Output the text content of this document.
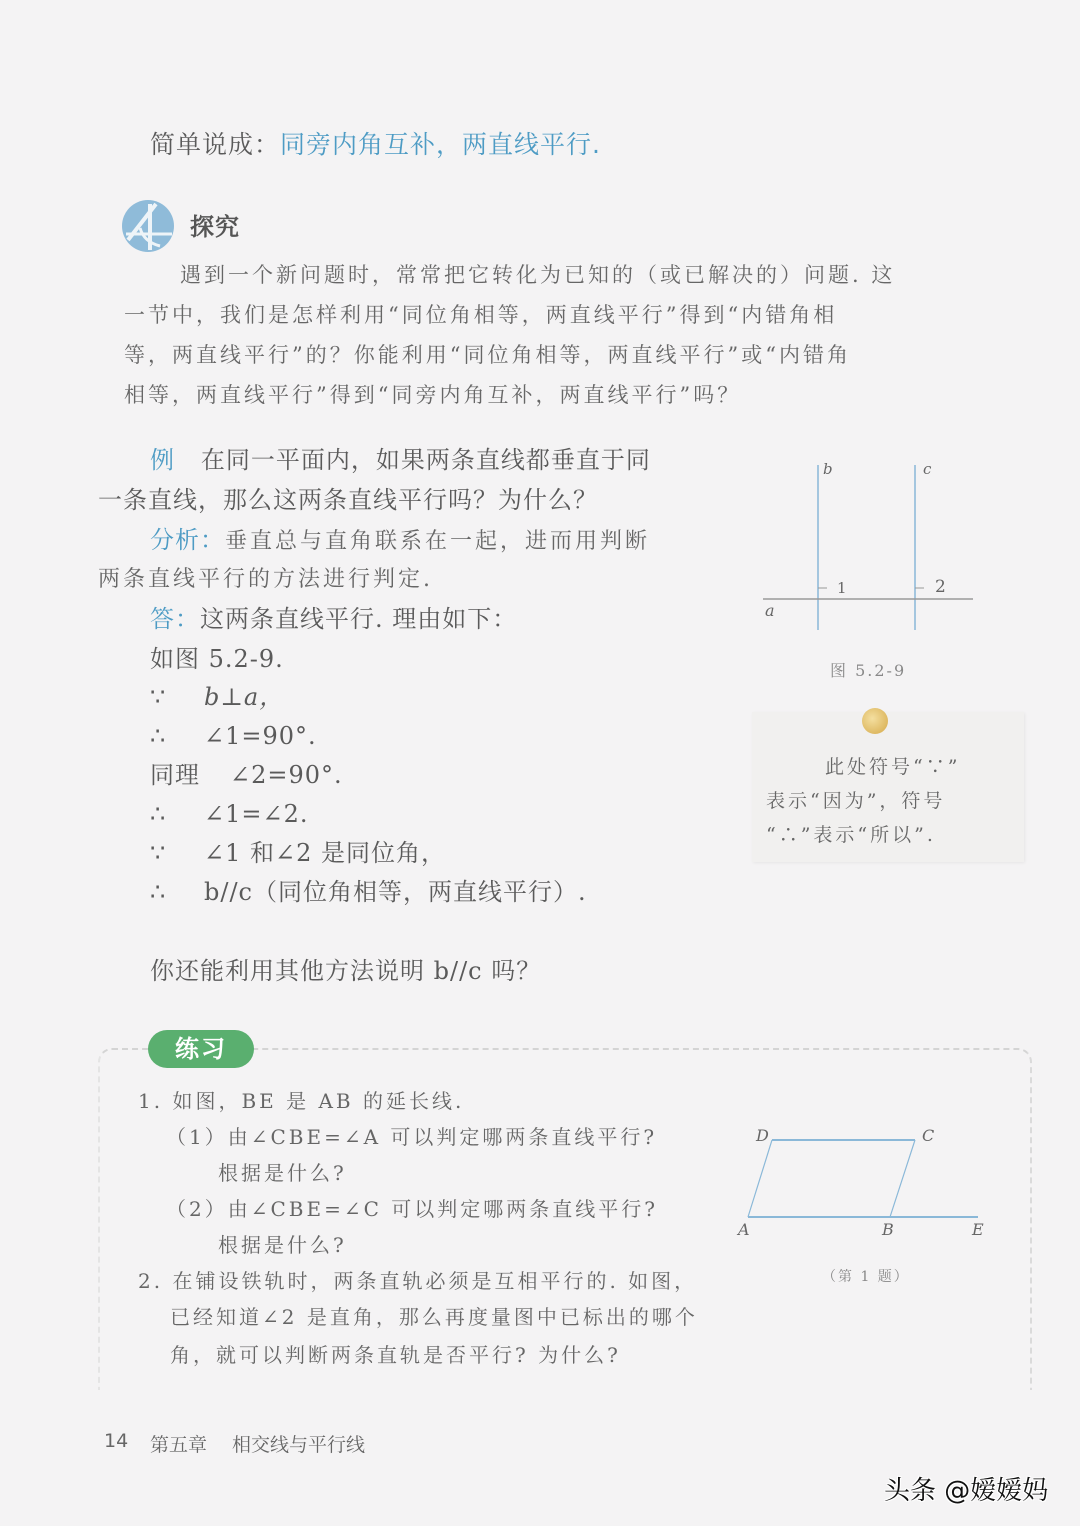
简单说成：同旁内角互补，两直线平行.
探究
遇到一个新问题时，常常把它转化为已知的（或已解决的）问题. 这
一节中，我们是怎样利用“同位角相等，两直线平行”得到“内错角相
等，两直线平行”的？你能利用“同位角相等，两直线平行”或“内错角
相等，两直线平行”得到“同旁内角互补，两直线平行”吗？
例 在同一平面内，如果两条直线都垂直于同
一条直线，那么这两条直线平行吗？为什么？
分析：垂直总与直角联系在一起，进而用判断
两条直线平行的方法进行判定.
答：这两条直线平行. 理由如下：
如图 5.2-9.
∵ b⊥a，
∴ ∠1=90°.
同理 ∠2=90°.
∴ ∠1=∠2.
∵ ∠1 和∠2 是同位角，
∴ b//c（同位角相等，两直线平行）.
你还能利用其他方法说明 b//c 吗？
b	c
a
1	2
图 5.2-9
此处符号“∵”
表示“因为”，符号
“∴”表示“所以”.
练习
1. 如图，BE 是 AB 的延长线.
（1）由∠CBE=∠A 可以判定哪两条直线平行?
根据是什么?
（2）由∠CBE=∠C 可以判定哪两条直线平行?
根据是什么?
2. 在铺设铁轨时，两条直轨必须是互相平行的. 如图，
已经知道∠2 是直角，那么再度量图中已标出的哪个
角，就可以判断两条直轨是否平行? 为什么?
D	C
A	B	E
（第 1 题）
14 第五章 相交线与平行线
头条 @嫒嫒妈
